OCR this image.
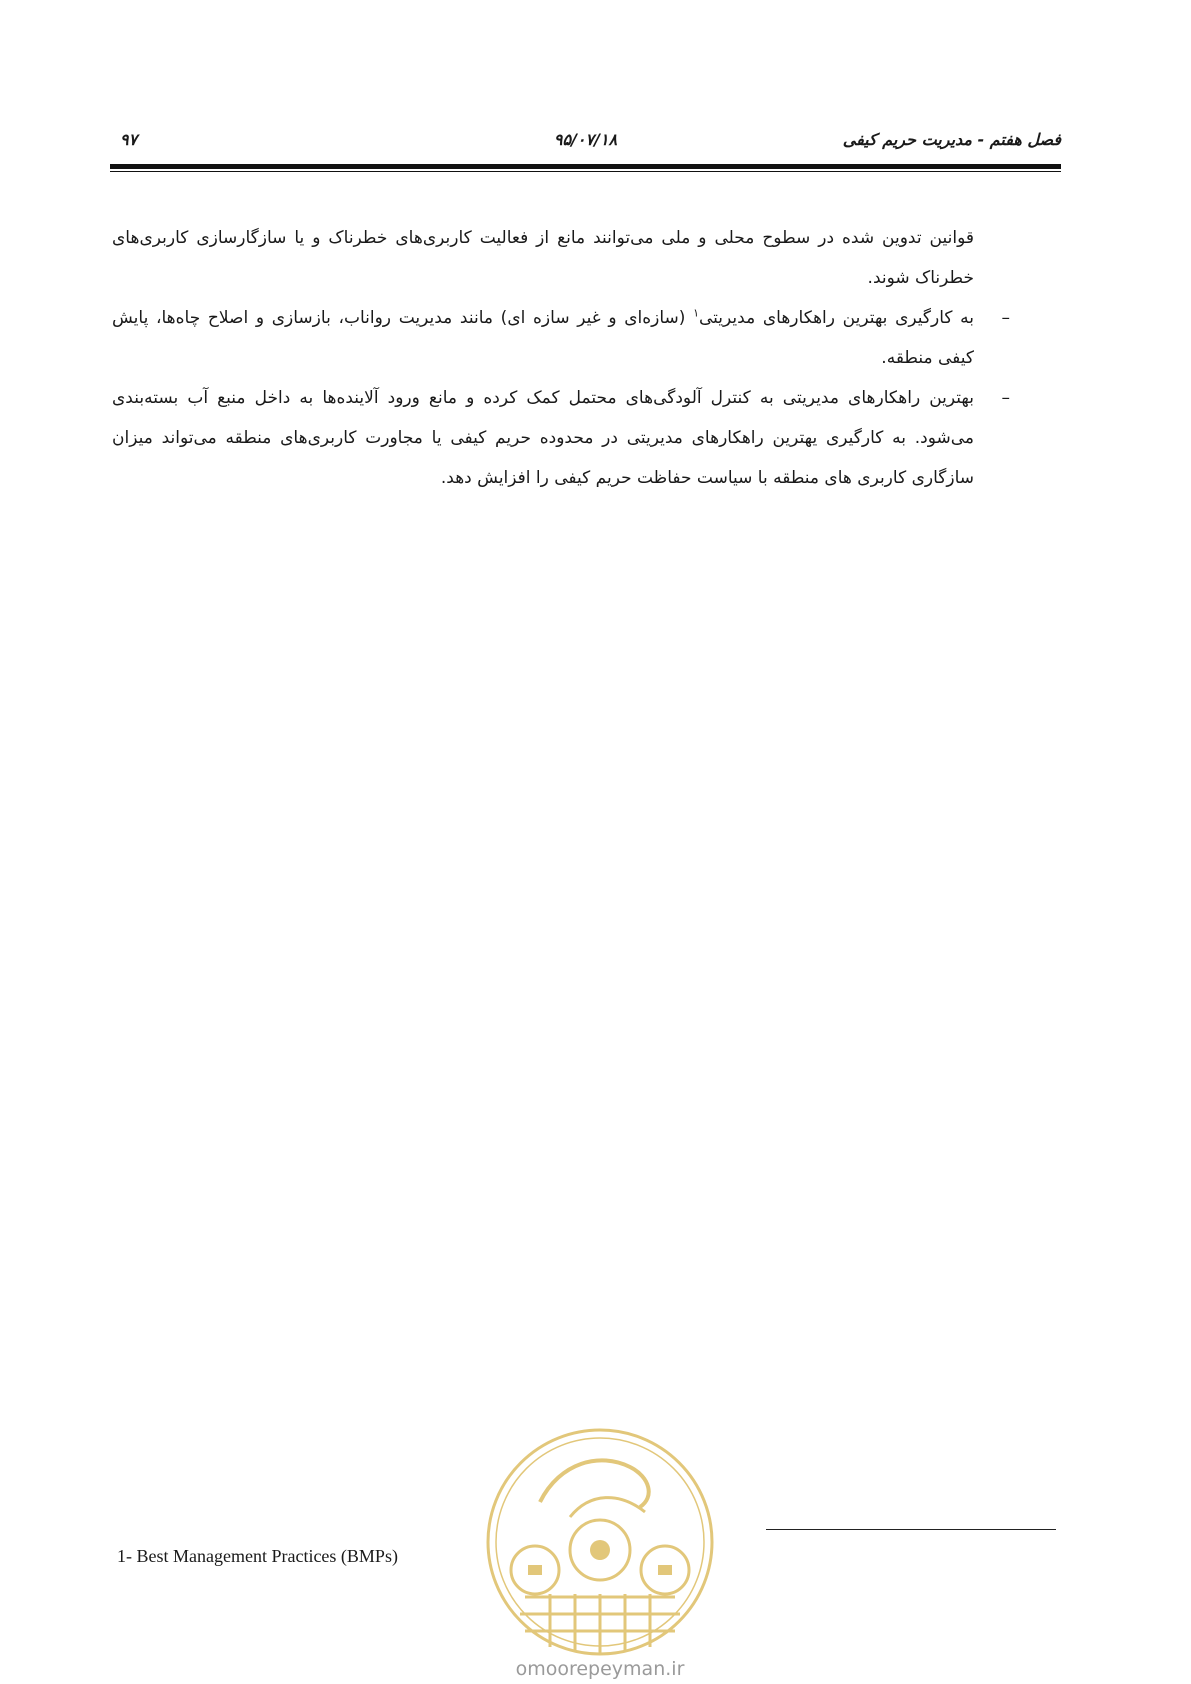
فصل هفتم - مدیریت حریم کیفی
۹۵/۰۷/۱۸
۹۷

قوانین تدوین شده در سطوح محلی و ملی می‌توانند مانع از فعالیت کاربری‌های خطرناک و یا سازگارسازی کاربری‌های خطرناک شوند.

–
به کارگیری بهترین راهکارهای مدیریتی$^۱$ (سازه‌ای و غیر سازه ای) مانند مدیریت رواناب، بازسازی و اصلاح چاه‌ها، پایش کیفی منطقه.

–
بهترین راهکارهای مدیریتی به کنترل آلودگی‌های محتمل کمک کرده و مانع ورود آلاینده‌ها به داخل منبع آب بسته‌بندی می‌شود. به کارگیری یهترین راهکارهای مدیریتی در محدوده حریم کیفی یا مجاورت کاربری‌های منطقه می‌تواند میزان سازگاری کاربری های منطقه با سیاست حفاظت حریم کیفی را افزایش دهد.

1- Best Management Practices (BMPs)
omoorepeyman.ir
